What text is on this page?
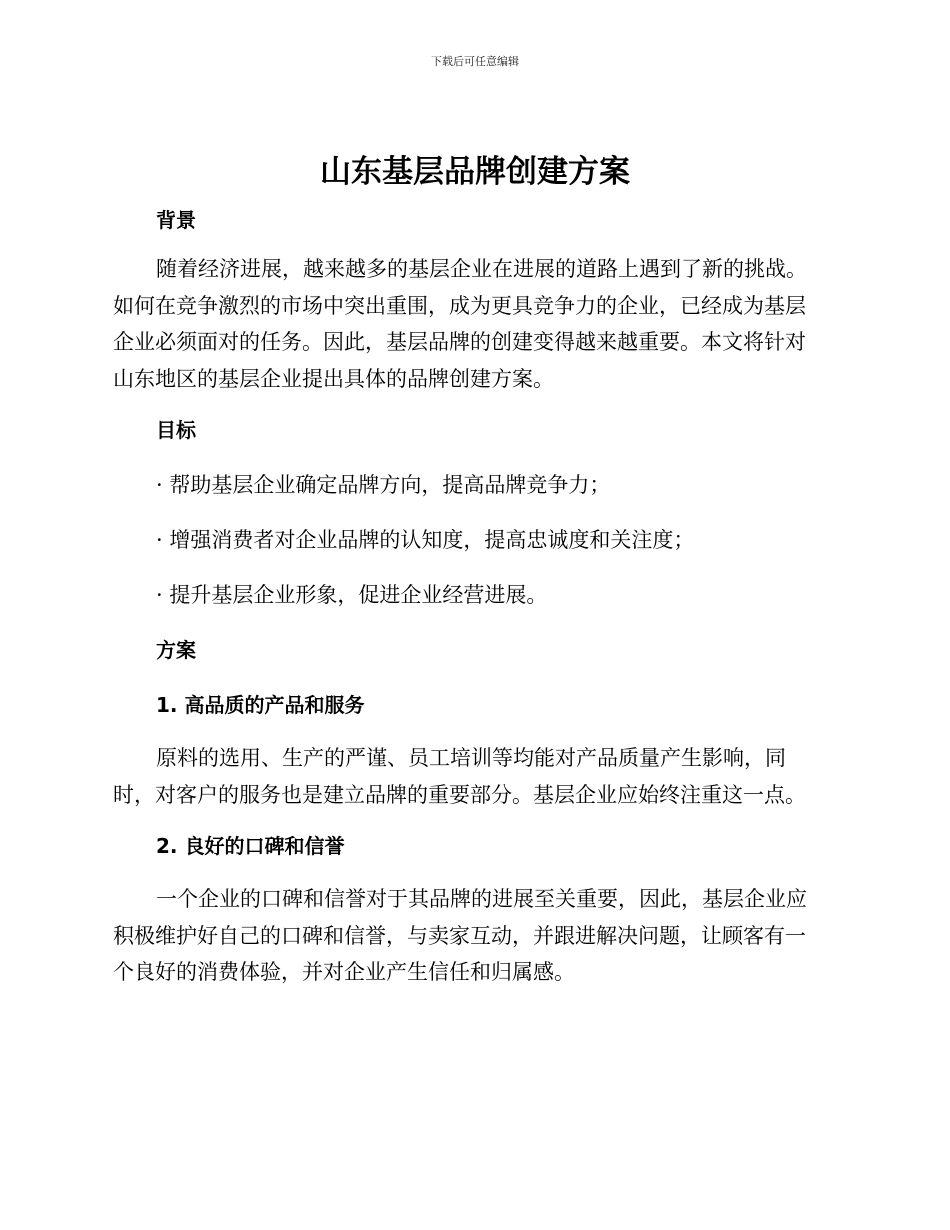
下载后可任意编辑
山东基层品牌创建方案
背景

随着经济进展，越来越多的基层企业在进展的道路上遇到了新的挑战。
如何在竞争激烈的市场中突出重围，成为更具竞争力的企业，已经成为基层
企业必须面对的任务。因此，基层品牌的创建变得越来越重要。本文将针对
山东地区的基层企业提出具体的品牌创建方案。

目标

· 帮助基层企业确定品牌方向，提高品牌竞争力；

· 增强消费者对企业品牌的认知度，提高忠诚度和关注度；

· 提升基层企业形象，促进企业经营进展。

方案
1. 高品质的产品和服务

原料的选用、生产的严谨、员工培训等均能对产品质量产生影响，同
时，对客户的服务也是建立品牌的重要部分。基层企业应始终注重这一点。

2. 良好的口碑和信誉

一个企业的口碑和信誉对于其品牌的进展至关重要，因此，基层企业应
积极维护好自己的口碑和信誉，与卖家互动，并跟进解决问题，让顾客有一
个良好的消费体验，并对企业产生信任和归属感。
